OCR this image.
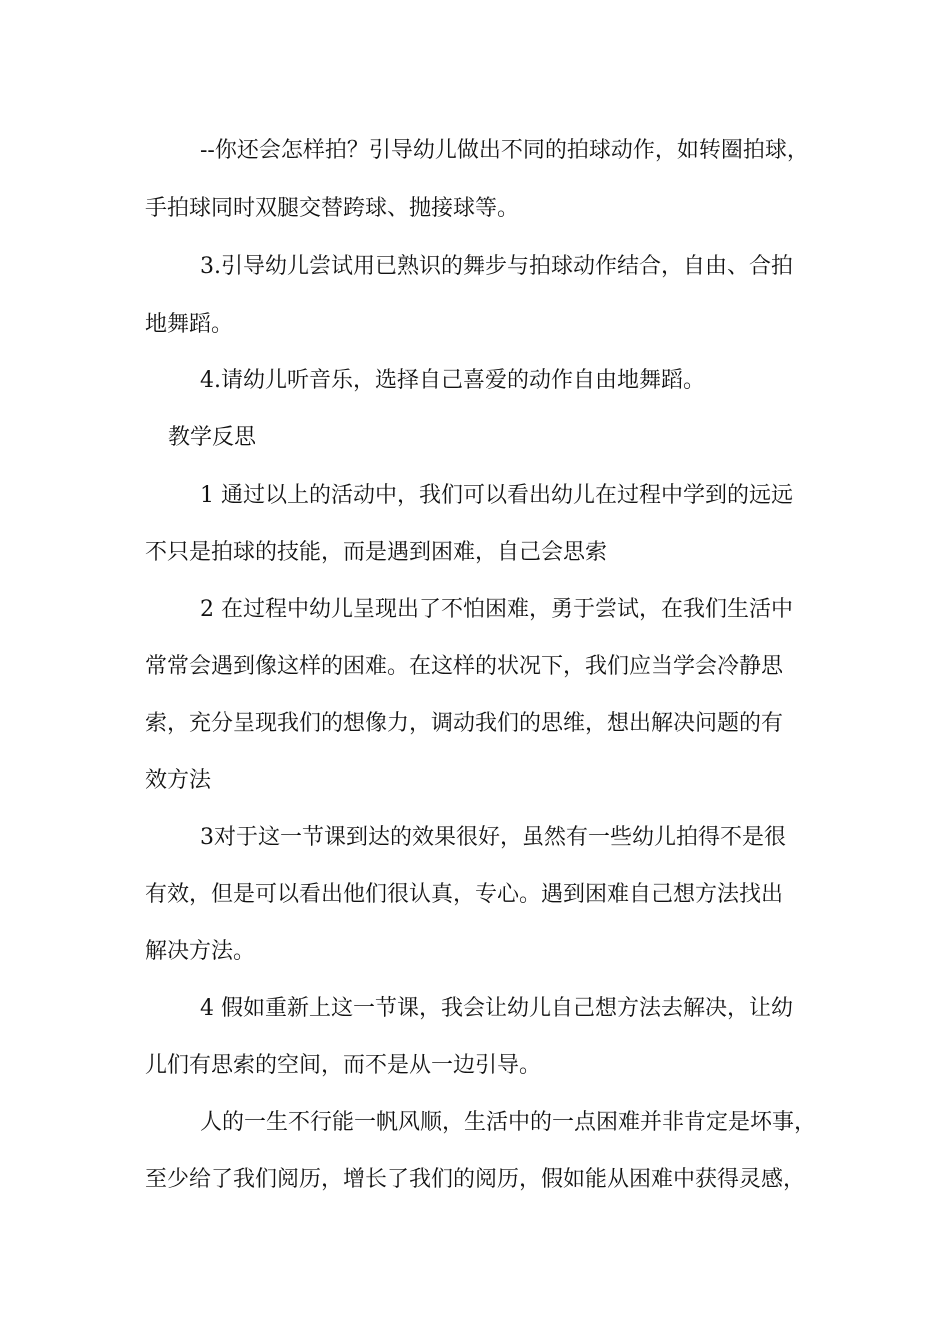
--你还会怎样拍？引导幼儿做出不同的拍球动作，如转圈拍球，
手拍球同时双腿交替跨球、抛接球等。
3.引导幼儿尝试用已熟识的舞步与拍球动作结合，自由、合拍
地舞蹈。
4.请幼儿听音乐，选择自己喜爱的动作自由地舞蹈。
教学反思
1 通过以上的活动中，我们可以看出幼儿在过程中学到的远远
不只是拍球的技能，而是遇到困难，自己会思索
2 在过程中幼儿呈现出了不怕困难，勇于尝试，在我们生活中
常常会遇到像这样的困难。在这样的状况下，我们应当学会冷静思
索，充分呈现我们的想像力，调动我们的思维，想出解决问题的有
效方法
3对于这一节课到达的效果很好，虽然有一些幼儿拍得不是很
有效，但是可以看出他们很认真，专心。遇到困难自己想方法找出
解决方法。
4 假如重新上这一节课，我会让幼儿自己想方法去解决，让幼
儿们有思索的空间，而不是从一边引导。
人的一生不行能一帆风顺，生活中的一点困难并非肯定是坏事，
至少给了我们阅历，增长了我们的阅历，假如能从困难中获得灵感，
